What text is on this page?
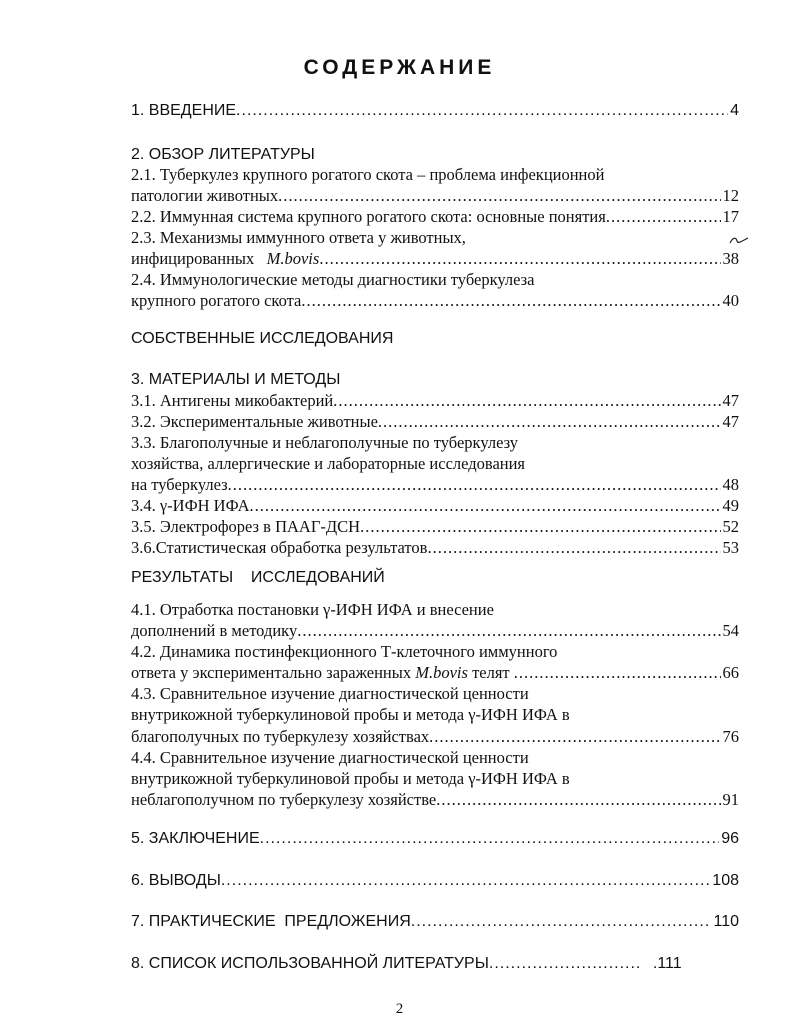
СОДЕРЖАНИЕ
1. ВВЕДЕНИЕ .....	4
2. ОБЗОР ЛИТЕРАТУРЫ
2.1. Туберкулез крупного рогатого скота – проблема инфекционной
патологии животных .....	12
2.2. Иммунная система крупного рогатого скота: основные понятия .....	17
2.3. Механизмы иммунного ответа у животных,
инфицированных M.bovis .....	38
2.4. Иммунологические методы диагностики туберкулеза
крупного рогатого скота .....	40
СОБСТВЕННЫЕ ИССЛЕДОВАНИЯ
3. МАТЕРИАЛЫ И МЕТОДЫ
3.1. Антигены микобактерий .....	47
3.2. Экспериментальные животные .....	47
3.3. Благополучные и неблагополучные по туберкулезу
хозяйства, аллергические и лабораторные исследования
на туберкулез .....	48
3.4. γ-ИФН ИФА .....	49
3.5. Электрофорез в ПААГ-ДСН .....	52
3.6.Статистическая обработка результатов .....	53
РЕЗУЛЬТАТЫ    ИССЛЕДОВАНИЙ
4.1. Отработка постановки γ-ИФН ИФА и внесение
дополнений в методику .....	54
4.2. Динамика постинфекционного Т-клеточного иммунного
ответа у экспериментально зараженных M.bovis телят .....	66
4.3. Сравнительное изучение диагностической ценности
внутрикожной туберкулиновой пробы и метода γ-ИФН ИФА в
благополучных по туберкулезу хозяйствах .....	76
4.4. Сравнительное изучение диагностической ценности
внутрикожной туберкулиновой пробы и метода γ-ИФН ИФА в
неблагополучном по туберкулезу хозяйстве .....	91
5. ЗАКЛЮЧЕНИЕ .....	96
6. ВЫВОДЫ .....	108
7. ПРАКТИЧЕСКИЕ  ПРЕДЛОЖЕНИЯ .....	110
8. СПИСОК ИСПОЛЬЗОВАННОЙ ЛИТЕРАТУРЫ .....	.111
2
